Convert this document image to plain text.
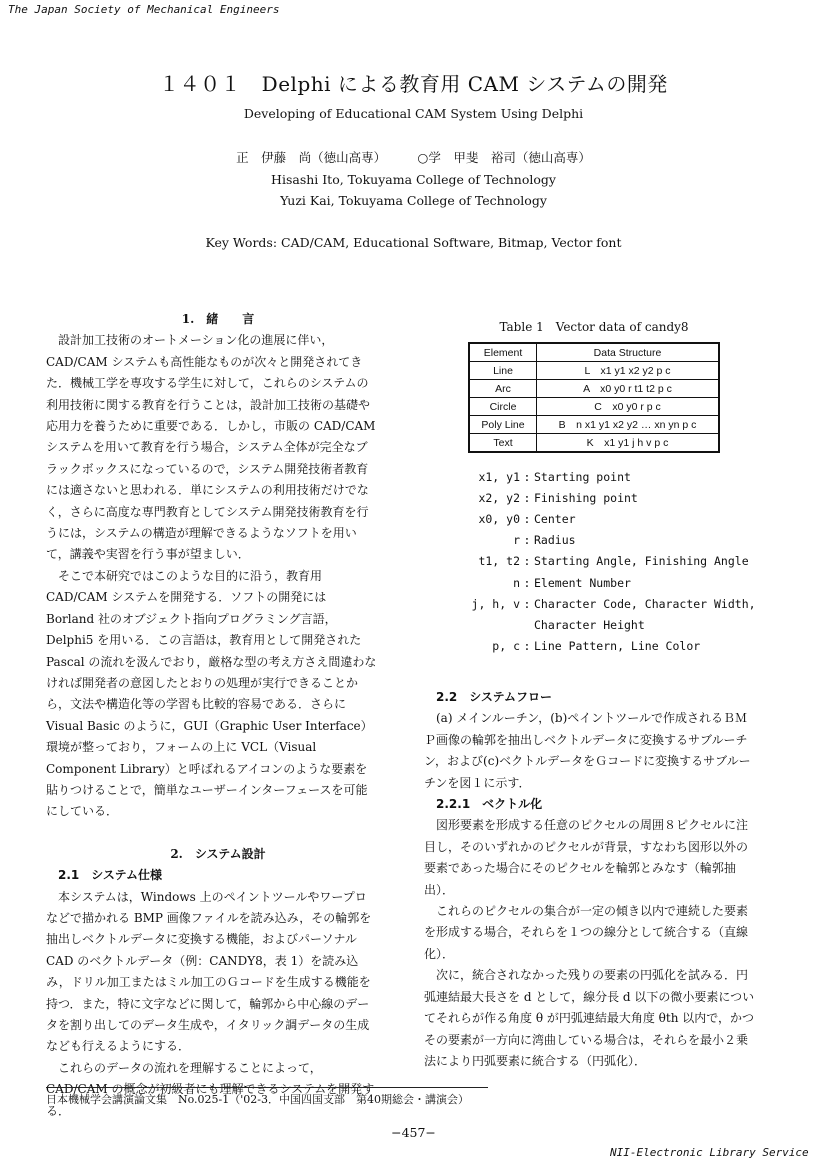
The Japan Society of Mechanical Engineers
１４０１　Delphi による教育用 CAM システムの開発
Developing of Educational CAM System Using Delphi
正　伊藤　尚（徳山高専）　　　○学　甲斐　裕司（徳山高専）
Hisashi Ito, Tokuyama College of Technology
Yuzi Kai, Tokuyama College of Technology
Key Words: CAD/CAM, Educational Software, Bitmap, Vector font

1.　緒　　言

設計加工技術のオートメーション化の進展に伴い，CAD/CAM システムも高性能なものが次々と開発されてきた．機械工学を専攻する学生に対して，これらのシステムの利用技術に関する教育を行うことは，設計加工技術の基礎や応用力を養うために重要である．しかし，市販の CAD/CAM システムを用いて教育を行う場合，システム全体が完全なブラックボックスになっているので，システム開発技術者教育には適さないと思われる．単にシステムの利用技術だけでなく，さらに高度な専門教育としてシステム開発技術教育を行うには，システムの構造が理解できるようなソフトを用いて，講義や実習を行う事が望ましい．

そこで本研究ではこのような目的に沿う，教育用 CAD/CAM システムを開発する．ソフトの開発には Borland 社のオブジェクト指向プログラミング言語，Delphi5 を用いる．この言語は，教育用として開発された Pascal の流れを汲んでおり，厳格な型の考え方さえ間違わなければ開発者の意図したとおりの処理が実行できることから，文法や構造化等の学習も比較的容易である．さらに Visual Basic のように，GUI（Graphic User Interface）環境が整っており，フォームの上に VCL（Visual Component Library）と呼ばれるアイコンのような要素を貼りつけることで，簡単なユーザーインターフェースを可能にしている．

2.　システム設計

2.1　システム仕様

本システムは，Windows 上のペイントツールやワープロなどで描かれる BMP 画像ファイルを読み込み，その輪郭を抽出しベクトルデータに変換する機能，およびパーソナル CAD のベクトルデータ（例：CANDY8，表 1）を読み込み，ドリル加工またはミル加工のＧコードを生成する機能を持つ．また，特に文字などに関して，輪郭から中心線のデータを割り出してのデータ生成や，イタリック調データの生成なども行えるようにする．

これらのデータの流れを理解することによって，CAD/CAM の概念が初級者にも理解できるシステムを開発する．

Table 1　Vector data of candy8
Element	Data Structure
Line	L　x1 y1 x2 y2 p c
Arc	A　x0 y0 r t1 t2 p c
Circle	C　x0 y0 r p c
Poly Line	B　n x1 y1 x2 y2 … xn yn p c
Text	K　x1 y1 j h v p c
x1, y1 : Starting point
x2, y2 : Finishing point
x0, y0 : Center
r : Radius
t1, t2 : Starting Angle, Finishing Angle
n : Element Number
j, h, v : Character Code, Character Width,
Character Height
p, c : Line Pattern, Line Color

2.2　システムフロー

(a) メインルーチン，(b)ペイントツールで作成されるＢＭＰ画像の輪郭を抽出しベクトルデータに変換するサブルーチン，および(c)ベクトルデータをＧコードに変換するサブルーチンを図１に示す．

2.2.1　ベクトル化

図形要素を形成する任意のピクセルの周囲８ピクセルに注目し，そのいずれかのピクセルが背景，すなわち図形以外の要素であった場合にそのピクセルを輪郭とみなす（輪郭抽出）．

これらのピクセルの集合が一定の傾き以内で連続した要素を形成する場合，それらを１つの線分として統合する（直線化）．

次に，統合されなかった残りの要素の円弧化を試みる．円弧連結最大長さを d として，線分長 d 以下の微小要素についてそれらが作る角度 θ が円弧連結最大角度 θth 以内で，かつその要素が一方向に湾曲している場合は，それらを最小２乗法により円弧要素に統合する（円弧化）．

日本機械学会講演論文集　No.025-1（'02-3．中国四国支部　第40期総会・講演会）
−457−
NII-Electronic Library Service
